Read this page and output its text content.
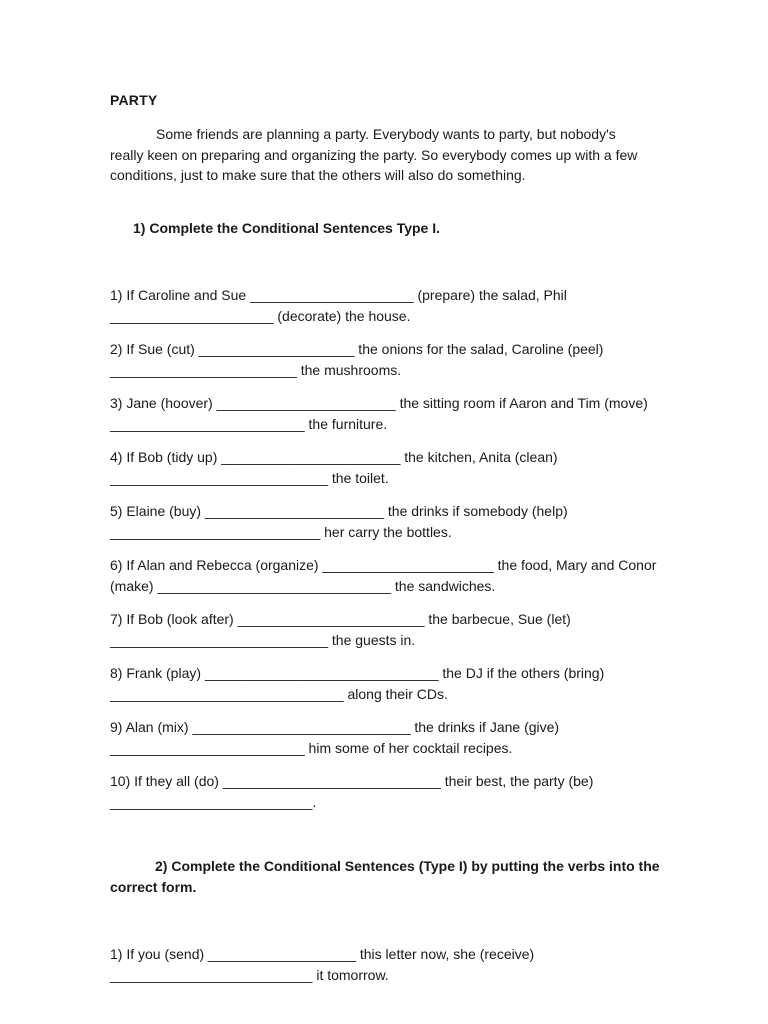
PARTY

Some friends are planning a party. Everybody wants to party, but nobody's really keen on preparing and organizing the party. So everybody comes up with a few conditions, just to make sure that the others will also do something.

1) Complete the Conditional Sentences Type I.

1) If Caroline and Sue _____________________ (prepare) the salad, Phil _____________________ (decorate) the house.

2) If Sue (cut) ____________________ the onions for the salad, Caroline (peel) ________________________ the mushrooms.

3) Jane (hoover) _______________________ the sitting room if Aaron and Tim (move) _________________________ the furniture.

4) If Bob (tidy up) _______________________ the kitchen, Anita (clean) ____________________________ the toilet.

5) Elaine (buy) _______________________ the drinks if somebody (help) ___________________________ her carry the bottles.

6) If Alan and Rebecca (organize) ______________________ the food, Mary and Conor (make) ______________________________ the sandwiches.

7) If Bob (look after) ________________________ the barbecue, Sue (let) ____________________________ the guests in.

8) Frank (play) ______________________________ the DJ if the others (bring) ______________________________ along their CDs.

9) Alan (mix) ____________________________ the drinks if Jane (give) _________________________ him some of her cocktail recipes.

10) If they all (do) ____________________________ their best, the party (be) __________________________.

2) Complete the Conditional Sentences (Type I) by putting the verbs into the correct form.

1) If you (send) ___________________ this letter now, she (receive) __________________________ it tomorrow.
